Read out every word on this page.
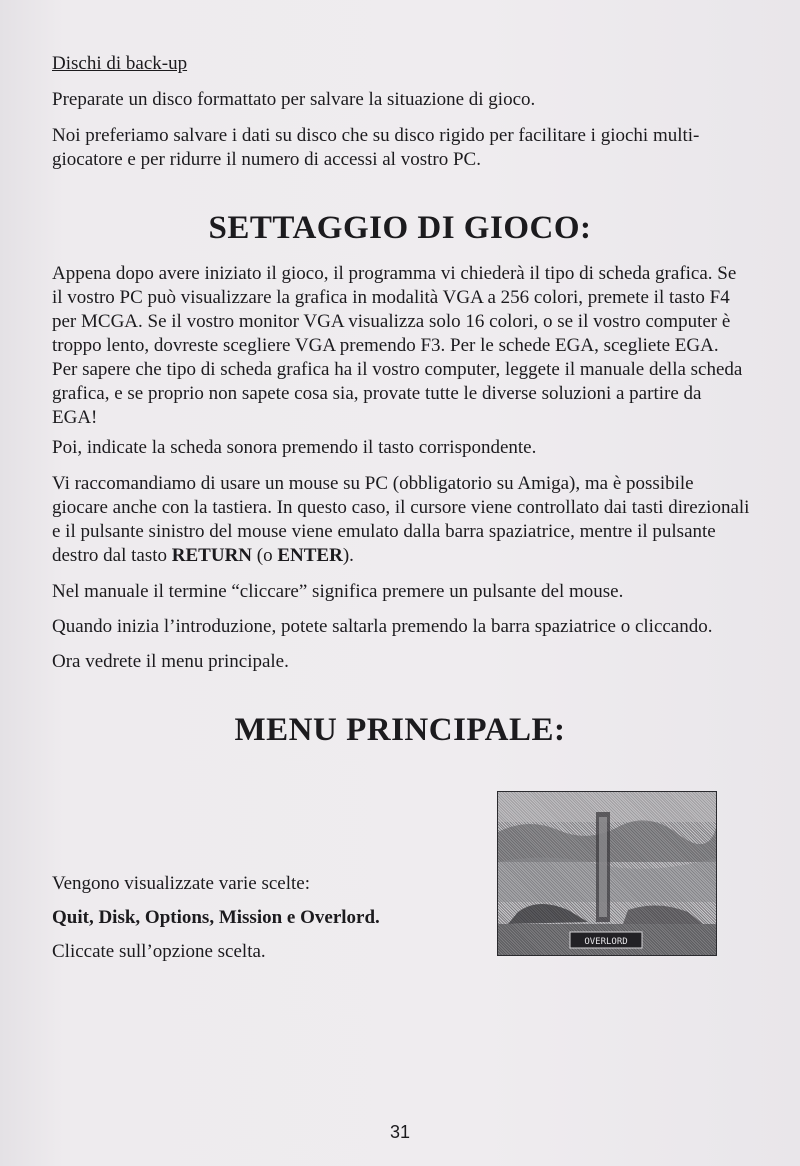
Dischi di back-up
Preparate un disco formattato per salvare la situazione di gioco.
Noi preferiamo salvare i dati su disco che su disco rigido per facilitare i giochi multi-
giocatore e per ridurre il numero di accessi al vostro PC.
SETTAGGIO DI GIOCO:
Appena dopo avere iniziato il gioco, il programma vi chiederà il tipo di scheda grafica. Se
il vostro PC può visualizzare la grafica in modalità VGA a 256 colori, premete il tasto F4
per MCGA. Se il vostro monitor VGA visualizza solo 16 colori, o se il vostro computer è
troppo lento, dovreste scegliere VGA premendo F3. Per le schede EGA, scegliete EGA.
Per sapere che tipo di scheda grafica ha il vostro computer, leggete il manuale della scheda
grafica, e se proprio non sapete cosa sia, provate tutte le diverse soluzioni a partire da
EGA!
Poi, indicate la scheda sonora premendo il tasto corrispondente.
Vi raccomandiamo di usare un mouse su PC (obbligatorio su Amiga), ma è possibile
giocare anche con la tastiera. In questo caso, il cursore viene controllato dai tasti direzionali
e il pulsante sinistro del mouse viene emulato dalla barra spaziatrice, mentre il pulsante
destro dal tasto RETURN (o ENTER).
Nel manuale il termine “cliccare” significa premere un pulsante del mouse.
Quando inizia l’introduzione, potete saltarla premendo la barra spaziatrice o cliccando.
Ora vedrete il menu principale.
MENU PRINCIPALE:
Vengono visualizzate varie scelte:
Quit, Disk, Options, Mission e Overlord.
Cliccate sull’opzione scelta.	OVERLORD
31
